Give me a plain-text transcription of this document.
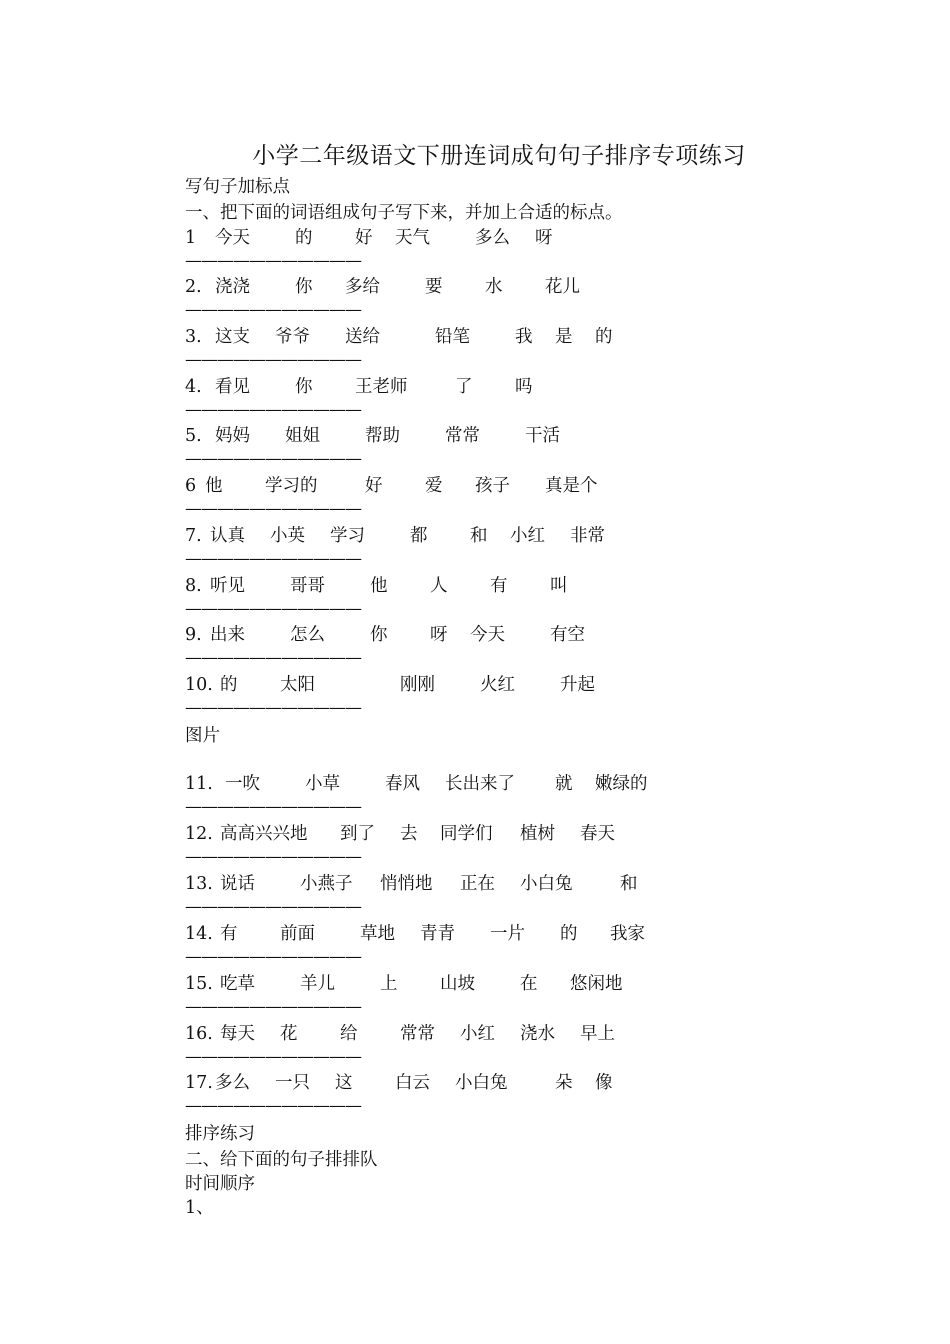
小学二年级语文下册连词成句句子排序专项练习
写句子加标点
一、把下面的词语组成句子写下来，并加上合适的标点。
1 今天	的 好 天气	多么 呀
———————————
2. 浇浇	你 多给	要 水 花儿
———————————
3. 这支 爷爷 送给	铅笔	我 是 的
———————————
4. 看见	你 王老师	了 吗
———————————
5. 妈妈 姐姐	帮助	常常	干活
———————————
6 他 学习的	好 爱 孩子 真是个
———————————
7. 认真 小英 学习	都 和 小红 非常
———————————
8. 听见	哥哥	他 人 有 叫
———————————
9. 出来	怎么	你 呀 今天	有空
———————————
10. 的 太阳	刚刚	火红	升起
———————————
11. 一吹	小草	春风 长出来了 就 嫩绿的
———————————
12. 高高兴兴地 到了 去 同学们 植树 春天
———————————
13. 说话	小燕子 悄悄地 正在 小白兔	和
———————————
14. 有 前面	草地 青青 一片 的 我家
———————————
15. 吃草	羊儿	上 山坡	在 悠闲地
———————————
16. 每天 花 给 常常 小红 浇水 早上
———————————
17. 多么 一只 这 白云 小白兔	朵 像
———————————
图片
排序练习
二、给下面的句子排排队
时间顺序
1、
